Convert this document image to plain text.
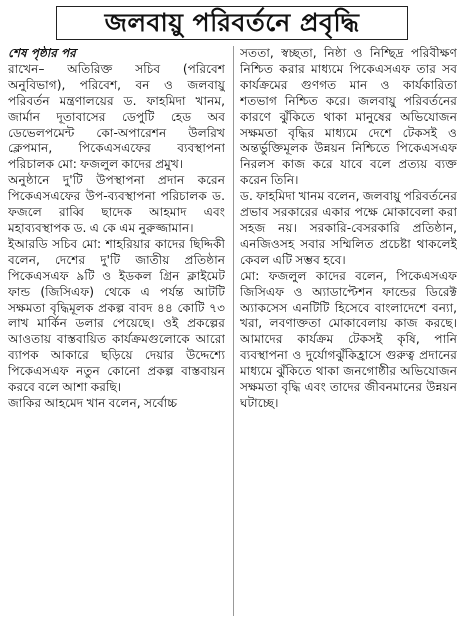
জলবায়ু পরিবর্তনে প্রবৃদ্ধি

শেষ পৃষ্ঠার পর

রাখেন– অতিরিক্ত সচিব (পরিবেশ অনুবিভাগ), পরিবেশ, বন ও জলবায়ু পরিবর্তন মন্ত্রণালয়ের ড. ফাহমিদা খানম, জার্মান দূতাবাসের ডেপুটি হেড অব ডেভেলপমেন্ট কো-অপারেশন উলরিখ ক্লেপমান, পিকেএসএফের ব্যবস্থাপনা পরিচালক মো: ফজলুল কাদের প্রমুখ।

অনুষ্ঠানে দু'টি উপস্থাপনা প্রদান করেন পিকেএসএফের উপ-ব্যবস্থাপনা পরিচালক ড. ফজলে রাব্বি ছাদেক আহমাদ এবং মহাব্যবস্থাপক ড. এ কে এম নুরুজ্জামান।

ইআরডি সচিব মো: শাহরিয়ার কাদের ছিদ্দিকী বলেন, দেশের দু'টি জাতীয় প্রতিষ্ঠান পিকেএসএফ ৯টি ও ইডকল গ্রিন ক্লাইমেট ফান্ড (জিসিএফ) থেকে এ পর্যন্ত আটটি সক্ষমতা বৃদ্ধিমূলক প্রকল্প বাবদ ৪৪ কোটি ৭৩ লাখ মার্কিন ডলার পেয়েছে। ওই প্রকল্পের আওতায় বাস্তবায়িত কার্যক্রমগুলোকে আরো ব্যাপক আকারে ছড়িয়ে দেয়ার উদ্দেশ্যে পিকেএসএফ নতুন কোনো প্রকল্প বাস্তবায়ন করবে বলে আশা করছি।

জাকির আহমেদ খান বলেন, সর্বোচ্চ

সততা, স্বচ্ছতা, নিষ্ঠা ও নিশ্ছিদ্র পরিবীক্ষণ নিশ্চিত করার মাধ্যমে পিকেএসএফ তার সব কার্যক্রমের গুণগত মান ও কার্যকারিতা শতভাগ নিশ্চিত করে। জলবায়ু পরিবর্তনের কারণে ঝুঁকিতে থাকা মানুষের অভিযোজন সক্ষমতা বৃদ্ধির মাধ্যমে দেশে টেকসই ও অন্তর্ভুক্তিমূলক উন্নয়ন নিশ্চিতে পিকেএসএফ নিরলস কাজ করে যাবে বলে প্রত্যয় ব্যক্ত করেন তিনি।

ড. ফাহমিদা খানম বলেন, জলবায়ু পরিবর্তনের প্রভাব সরকারের একার পক্ষে মোকাবেলা করা সহজ নয়। সরকারি-বেসরকারি প্রতিষ্ঠান, এনজিওসহ সবার সম্মিলিত প্রচেষ্টা থাকলেই কেবল এটি সম্ভব হবে।

মো: ফজলুল কাদের বলেন, পিকেএসএফ জিসিএফ ও অ্যাডাপ্টেশন ফান্ডের ডিরেক্ট অ্যাকসেস এনটিটি হিসেবে বাংলাদেশে বন্যা, খরা, লবণাক্ততা মোকাবেলায় কাজ করছে। আমাদের কার্যক্রম টেকসই কৃষি, পানি ব্যবস্থাপনা ও দুর্যোগঝুঁকিহ্রাসে গুরুত্ব প্রদানের মাধ্যমে ঝুঁকিতে থাকা জনগোষ্ঠীর অভিযোজন সক্ষমতা বৃদ্ধি এবং তাদের জীবনমানের উন্নয়ন ঘটাচ্ছে।
